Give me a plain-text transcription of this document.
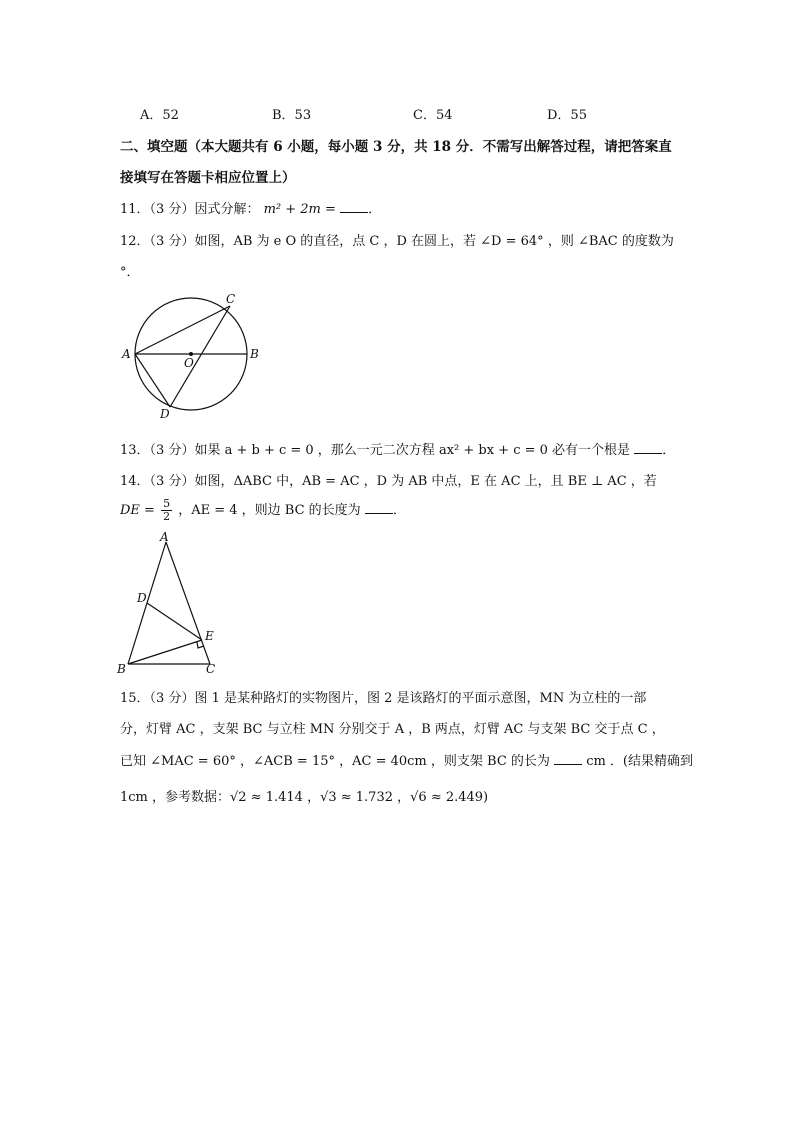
A．52	B．53	C．54	D．55
二、填空题（本大题共有 6 小题，每小题 3 分，共 18 分．不需写出解答过程，请把答案直
接填写在答题卡相应位置上）
11．（3 分）因式分解： m² + 2m = ．
12．（3 分）如图，AB 为 e O 的直径，点 C ，D 在圆上，若 ∠D = 64° ，则 ∠BAC 的度数为
°．
A	B
C
D
O
13．（3 分）如果 a + b + c = 0 ，那么一元二次方程 ax² + bx + c = 0 必有一个根是 ．
14．（3 分）如图，ΔABC 中，AB = AC ，D 为 AB 中点，E 在 AC 上，且 BE ⊥ AC ，若
DE = $\frac{5}{2}$ ，AE = 4 ，则边 BC 的长度为 ．
A
B	C
D
E
15．（3 分）图 1 是某种路灯的实物图片，图 2 是该路灯的平面示意图，MN 为立柱的一部
分，灯臂 AC ，支架 BC 与立柱 MN 分别交于 A ，B 两点，灯臂 AC 与支架 BC 交于点 C ，
已知 ∠MAC = 60° ，∠ACB = 15° ，AC = 40cm ，则支架 BC 的长为	cm ．(结果精确到
1cm ，参考数据：√2 ≈ 1.414 ，√3 ≈ 1.732 ，√6 ≈ 2.449)
